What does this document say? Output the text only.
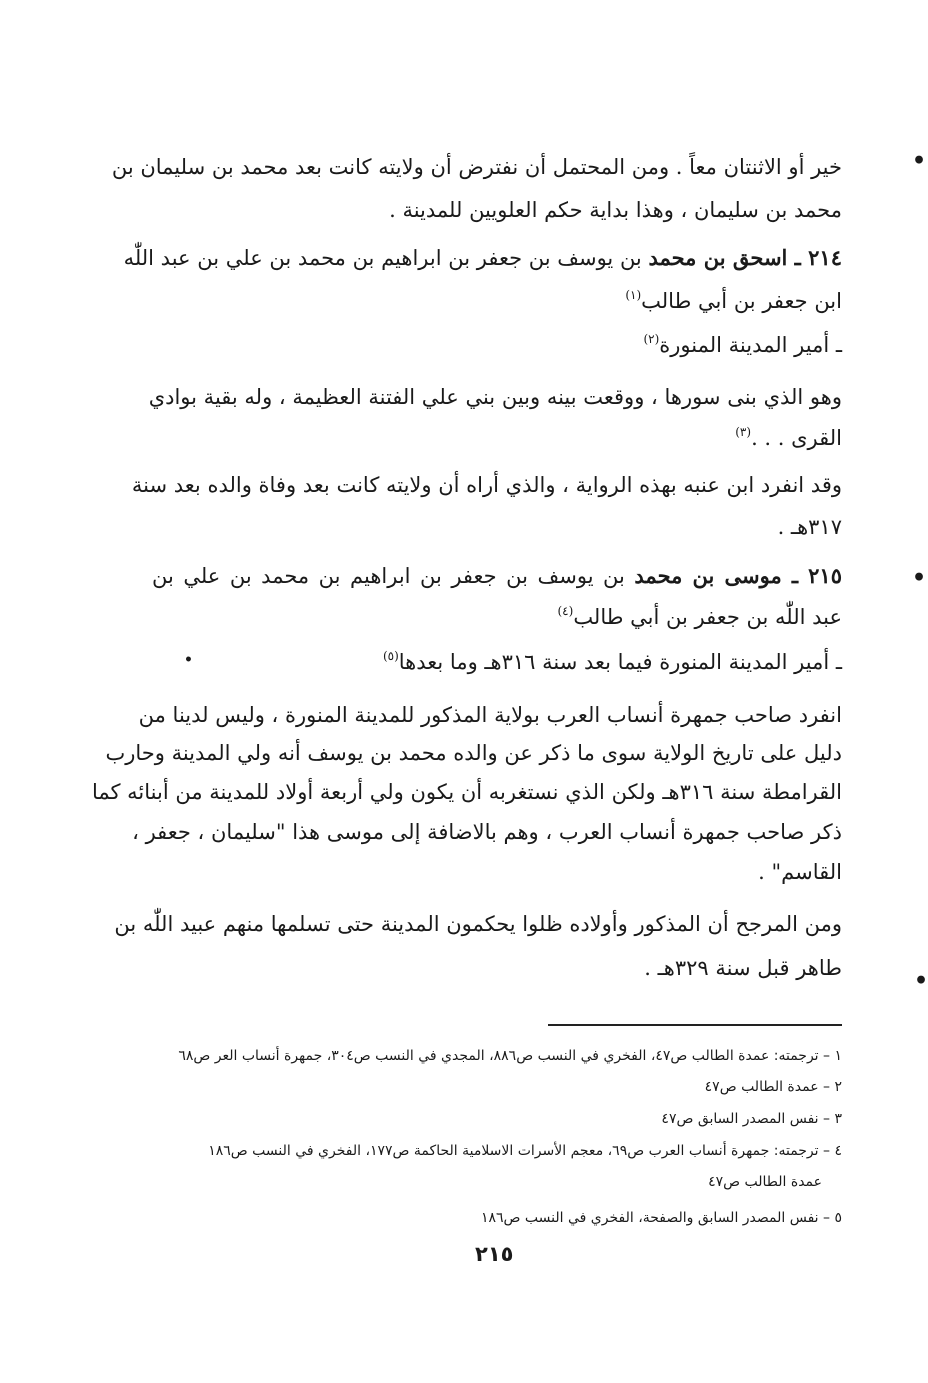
•
•
•
•
خير أو الاثنتان معاً . ومن المحتمل أن نفترض أن ولايته كانت بعد محمد بن سليمان بن
محمد بن سليمان ، وهذا بداية حكم العلويين للمدينة .
٢١٤ ـ اسحق بن محمد بن يوسف بن جعفر بن ابراهيم بن محمد بن علي بن عبد اللّٰه
ابن جعفر بن أبي طالب$^{(١)}$
ـ أمير المدينة المنورة$^{(٢)}$
وهو الذي بنى سورها ، ووقعت بينه وبين بني علي الفتنة العظيمة ، وله بقية بوادي
القرى . . .$^{(٣)}$
وقد انفرد ابن عنبه بهذه الرواية ، والذي أراه أن ولايته كانت بعد وفاة والده بعد سنة
٣١٧هـ .
٢١٥ ـ موسى بن محمد بن يوسف بن جعفر بن ابراهيم بن محمد بن علي بن
عبد اللّٰه بن جعفر بن أبي طالب$^{(٤)}$
ـ أمير المدينة المنورة فيما بعد سنة ٣١٦هـ وما بعدها$^{(٥)}$
انفرد صاحب جمهرة أنساب العرب بولاية المذكور للمدينة المنورة ، وليس لدينا من
دليل على تاريخ الولاية سوى ما ذكر عن والده محمد بن يوسف أنه ولي المدينة وحارب
القرامطة سنة ٣١٦هـ ولكن الذي نستغربه أن يكون ولي أربعة أولاد للمدينة من أبنائه كما
ذكر صاحب جمهرة أنساب العرب ، وهم بالاضافة إلى موسى هذا "سليمان ، جعفر ،
القاسم" .
ومن المرجح أن المذكور وأولاده ظلوا يحكمون المدينة حتى تسلمها منهم عبيد اللّٰه بن
طاهر قبل سنة ٣٢٩هـ .
١ – ترجمته: عمدة الطالب ص٤٧، الفخري في النسب ص٨٨٦، المجدي في النسب ص٣٠٤، جمهرة أنساب العر ص٦٨
٢ – عمدة الطالب ص٤٧
٣ – نفس المصدر السابق ص٤٧
٤ – ترجمته: جمهرة أنساب العرب ص٦٩، معجم الأسرات الاسلامية الحاكمة ص١٧٧، الفخري في النسب ص١٨٦
عمدة الطالب ص٤٧
٥ – نفس المصدر السابق والصفحة، الفخري في النسب ص١٨٦
٢١٥
